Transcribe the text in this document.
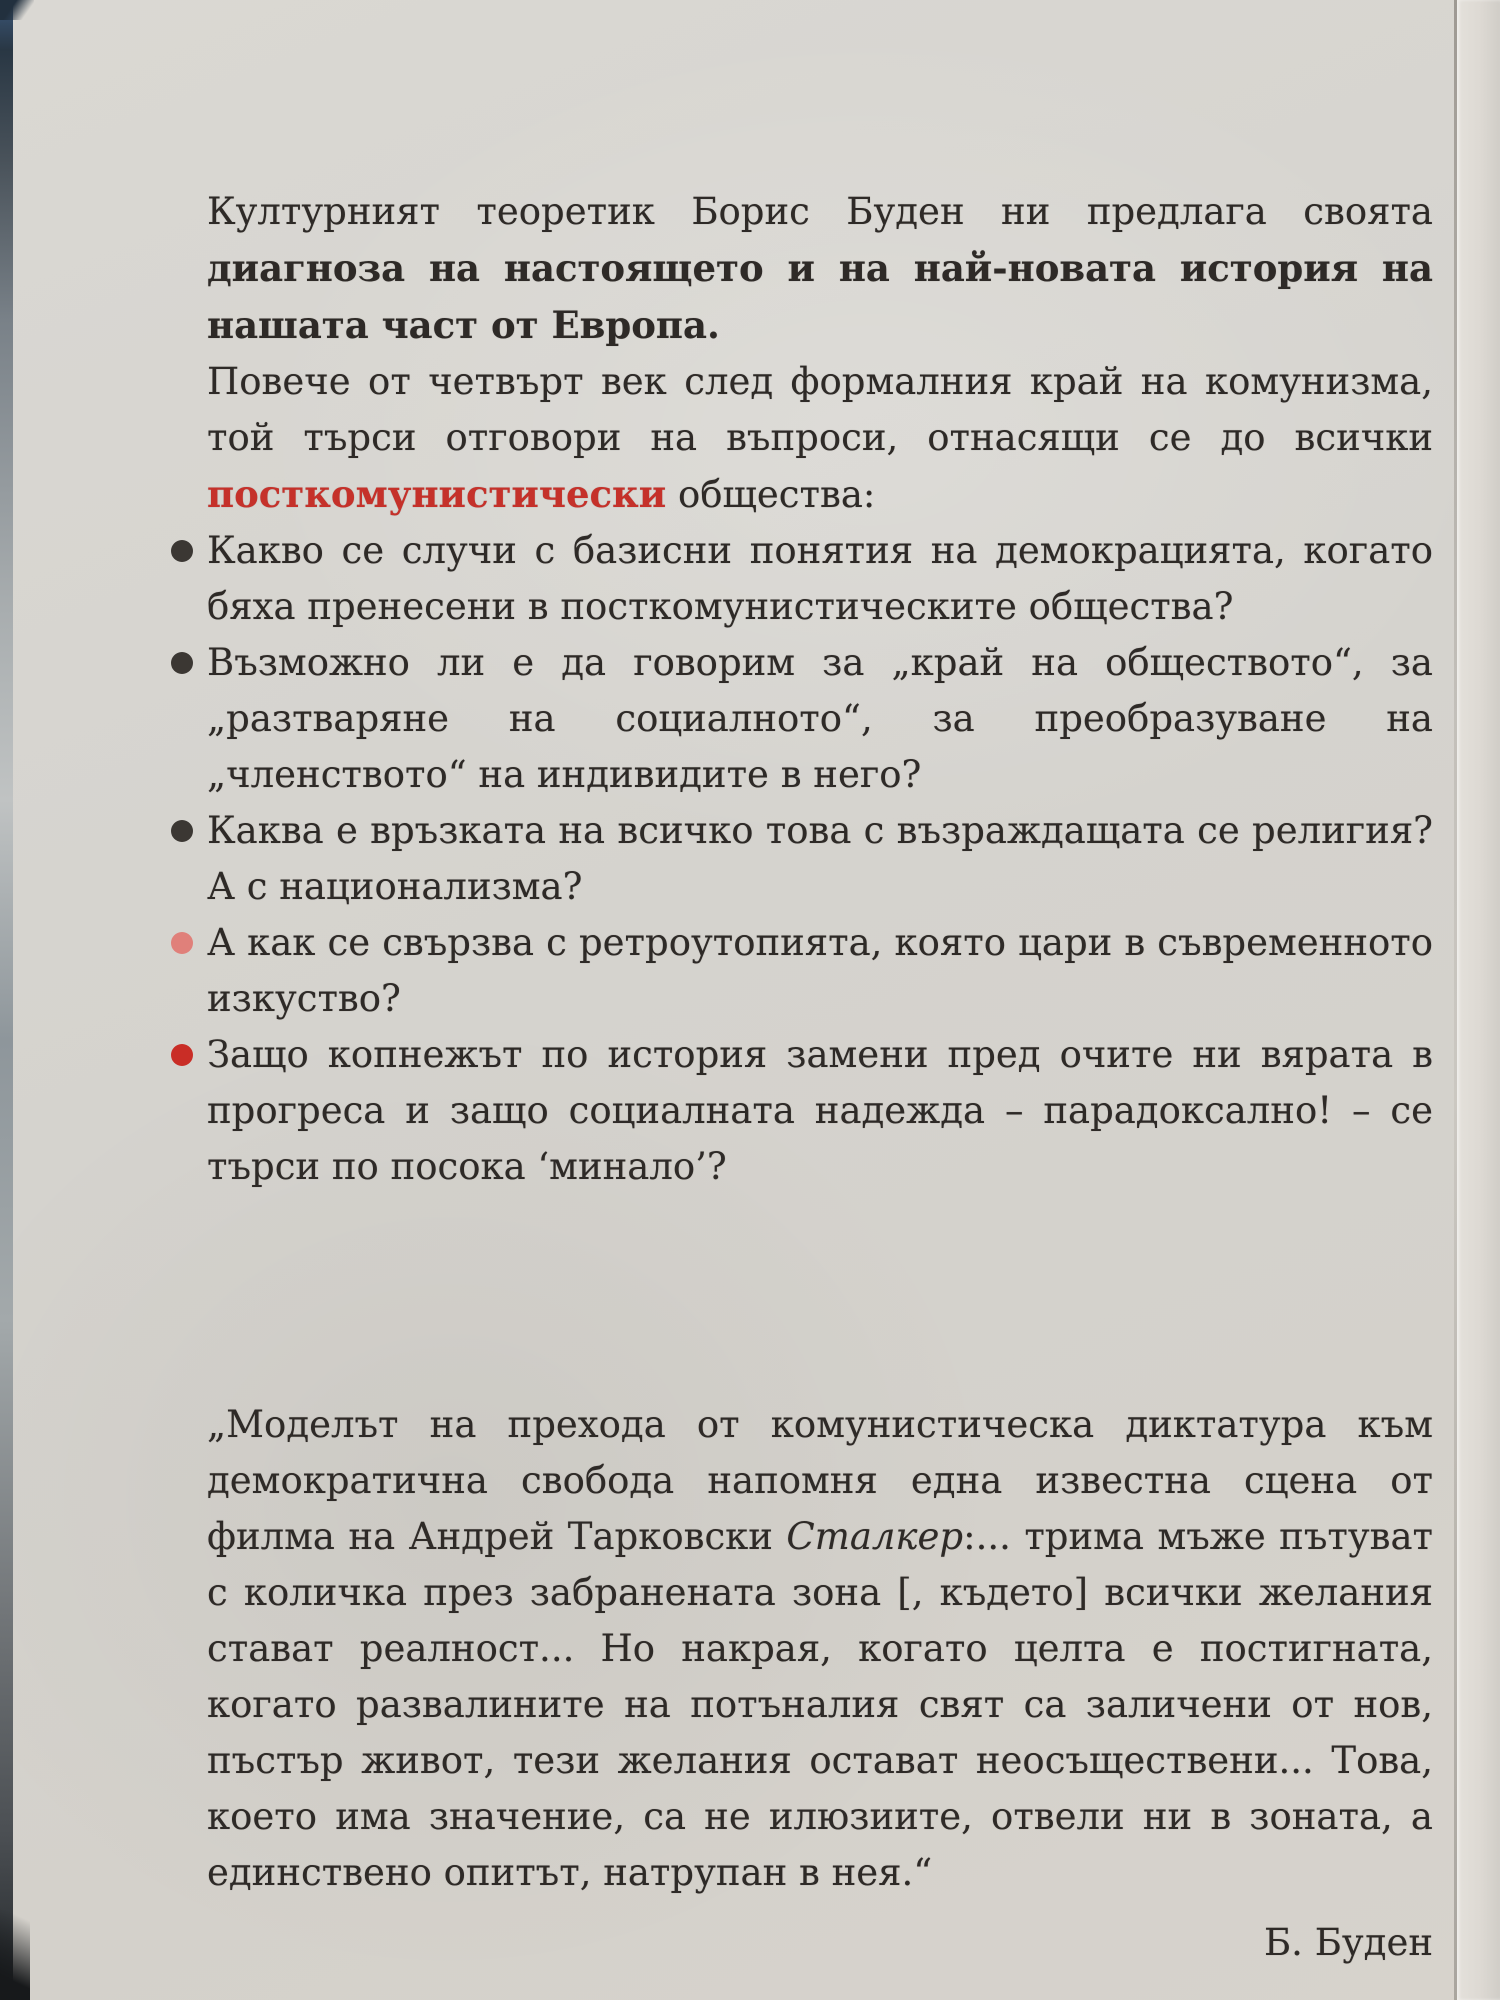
Културният теоретик Борис Буден ни предлага своята диагноза на настоящето и на най-новата история на нашата част от Европа.

Повече от четвърт век след формалния край на комунизма, той търси отговори на въпроси, отнасящи се до всички посткомунистически общества:

Какво се случи с базисни понятия на демокрацията, когато бяха пренесени в посткомунистическите общества?
Възможно ли е да говорим за „край на обществото“, за „разтваряне на социалното“, за преобразуване на „членството“ на индивидите в него?
Каква е връзката на всичко това с възраждащата се религия? А с национализма?
А как се свързва с ретроутопията, която цари в съвременното изкуство?
Защо копнежът по история замени пред очите ни вярата в прогреса и защо социалната надежда – парадоксално! – се търси по посока ‘минало’?

„Моделът на прехода от комунистическа диктатура към демократична свобода напомня една известна сцена от филма на Андрей Тарковски Сталкер:... трима мъже пътуват с количка през забранената зона [, където] всички желания стават реалност... Но накрая, когато целта е постигната, когато развалините на потъналия свят са заличени от нов, пъстър живот, тези желания остават неосъществени... Това, което има значение, са не илюзиите, отвели ни в зоната, а единствено опитът, натрупан в нея.“

Б. Буден
